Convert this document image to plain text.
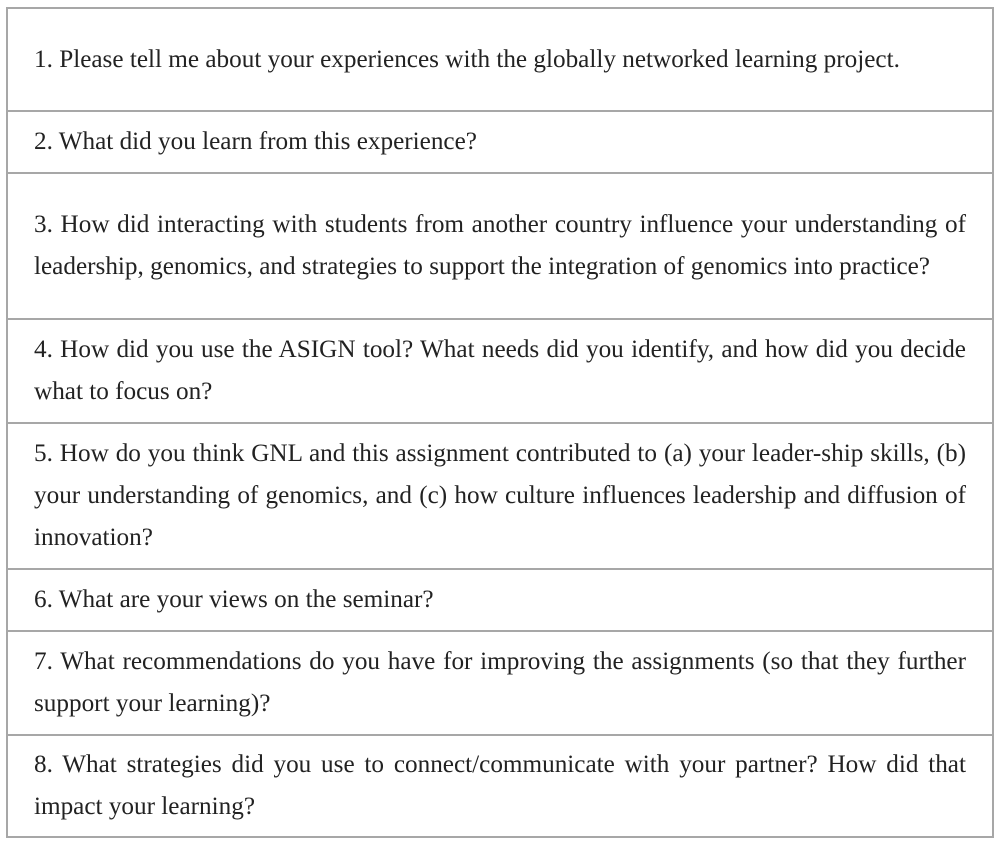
1. Please tell me about your experiences with the globally networked learning project.
2. What did you learn from this experience?
3. How did interacting with students from another country influence your understanding of leadership, genomics, and strategies to support the integration of genomics into practice?
4. How did you use the ASIGN tool? What needs did you identify, and how did you decide what to focus on?
5. How do you think GNL and this assignment contributed to (a) your leader-ship skills, (b) your understanding of genomics, and (c) how culture influences leadership and diffusion of innovation?
6. What are your views on the seminar?
7. What recommendations do you have for improving the assignments (so that they further support your learning)?
8. What strategies did you use to connect/communicate with your partner? How did that impact your learning?
